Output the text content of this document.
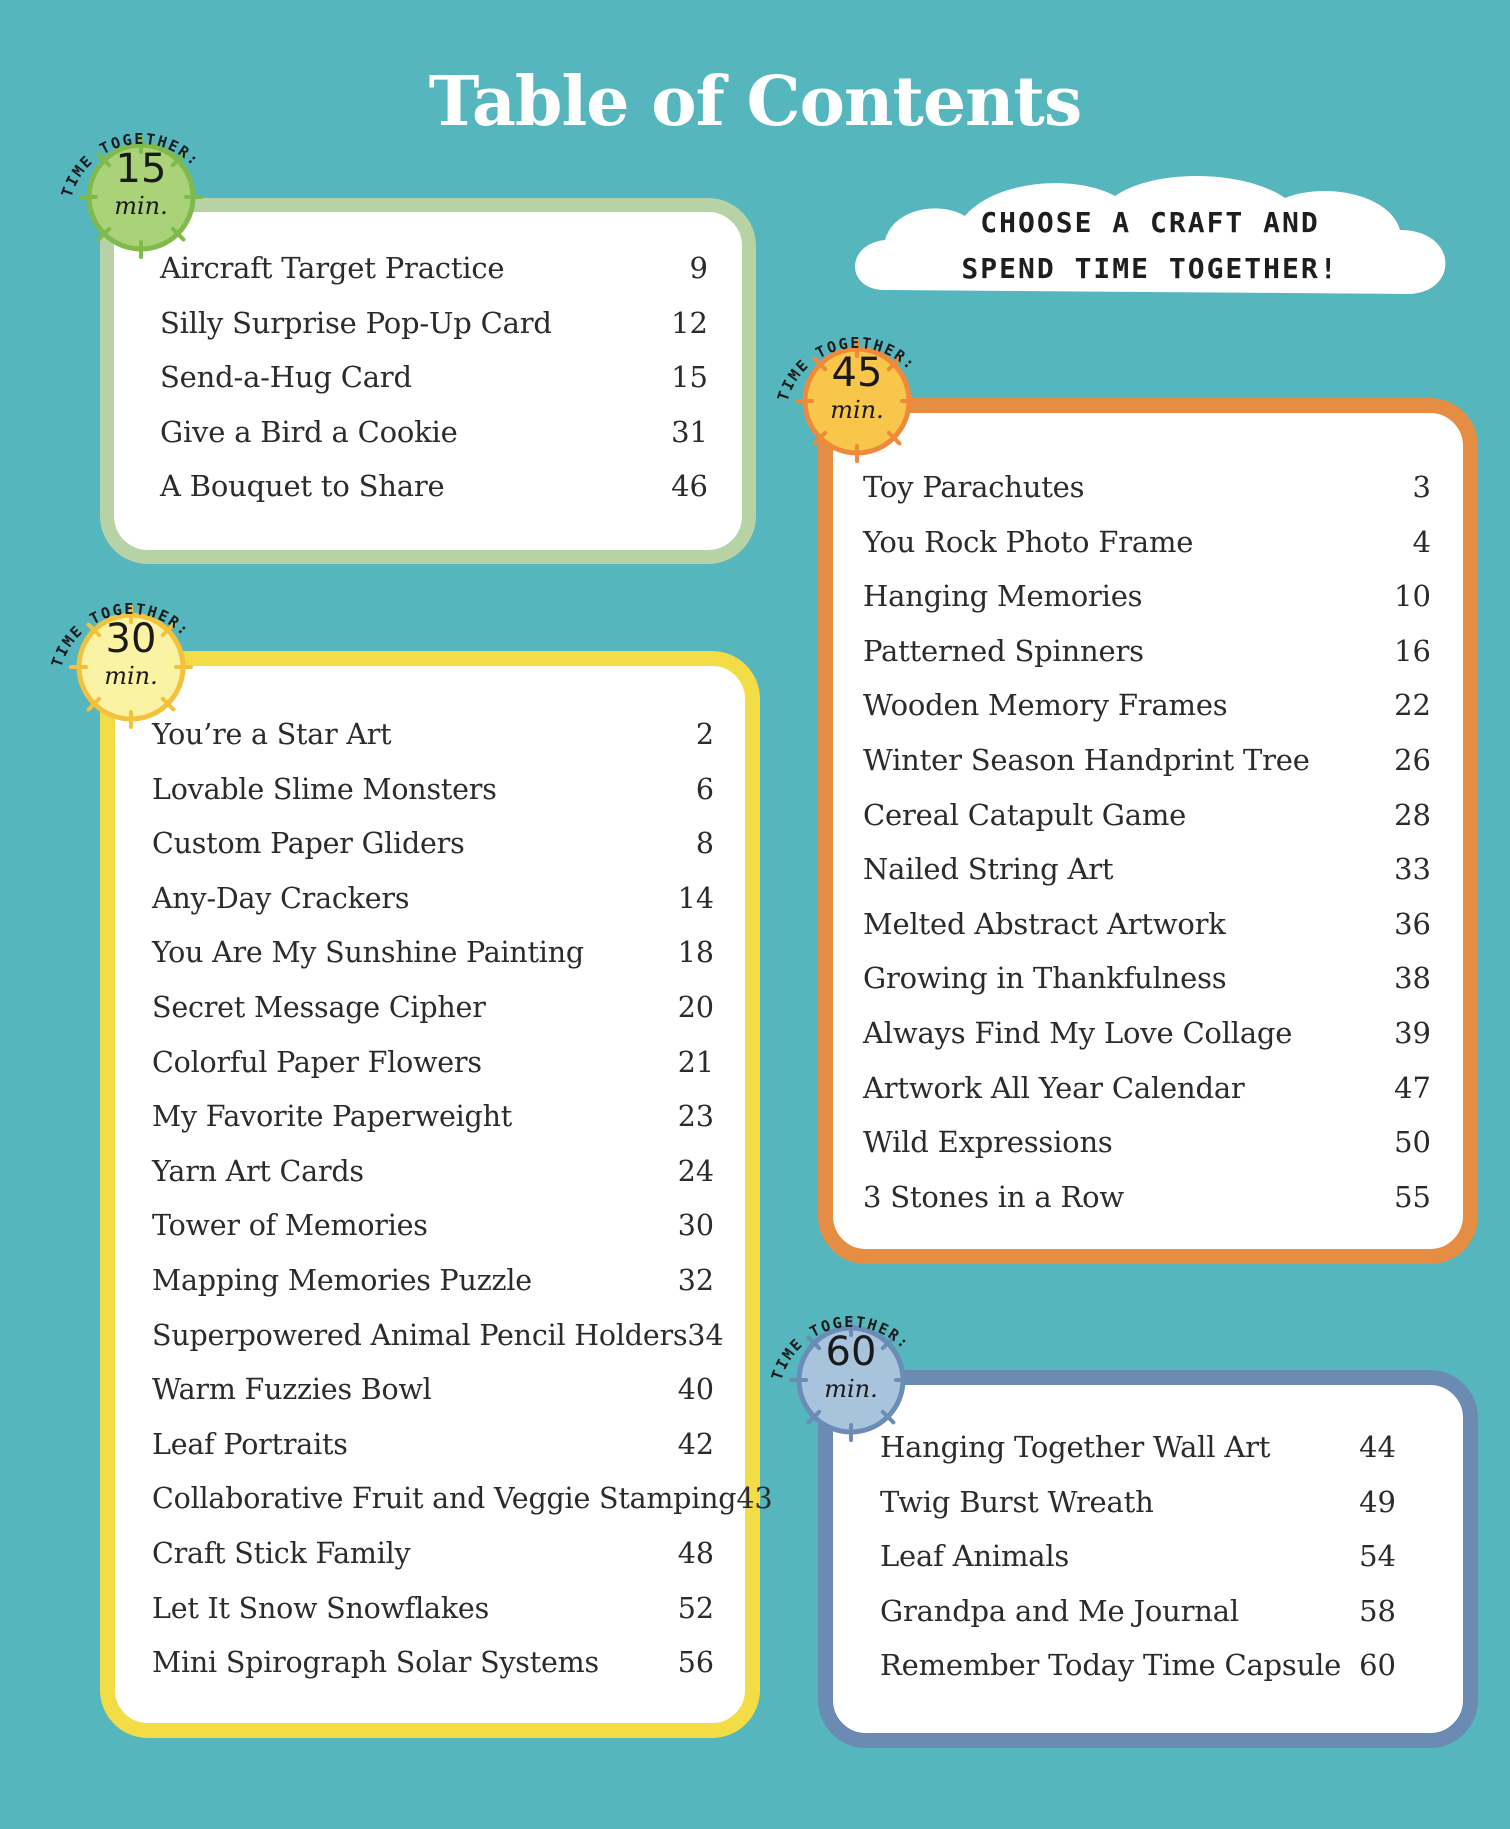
Table of Contents
CHOOSE A CRAFT AND
SPEND TIME TOGETHER!
Aircraft Target Practice	9
Silly Surprise Pop-Up Card	12
Send-a-Hug Card	15
Give a Bird a Cookie	31
A Bouquet to Share	46
You’re a Star Art	2
Lovable Slime Monsters	6
Custom Paper Gliders	8
Any-Day Crackers	14
You Are My Sunshine Painting	18
Secret Message Cipher	20
Colorful Paper Flowers	21
My Favorite Paperweight	23
Yarn Art Cards	24
Tower of Memories	30
Mapping Memories Puzzle	32
Superpowered Animal Pencil Holders 34
Warm Fuzzies Bowl	40
Leaf Portraits	42
Collaborative Fruit and Veggie Stamping 43
Craft Stick Family	48
Let It Snow Snowflakes	52
Mini Spirograph Solar Systems	56
Toy Parachutes	3
You Rock Photo Frame	4
Hanging Memories	10
Patterned Spinners	16
Wooden Memory Frames	22
Winter Season Handprint Tree	26
Cereal Catapult Game	28
Nailed String Art	33
Melted Abstract Artwork	36
Growing in Thankfulness	38
Always Find My Love Collage	39
Artwork All Year Calendar	47
Wild Expressions	50
3 Stones in a Row	55
Hanging Together Wall Art	44
Twig Burst Wreath	49
Leaf Animals	54
Grandpa and Me Journal	58
Remember Today Time Capsule 60
TIME TOGETHER:
15
min.
TIME TOGETHER:
30
min.
TIME TOGETHER:
45
min.
TIME TOGETHER:
60
min.
